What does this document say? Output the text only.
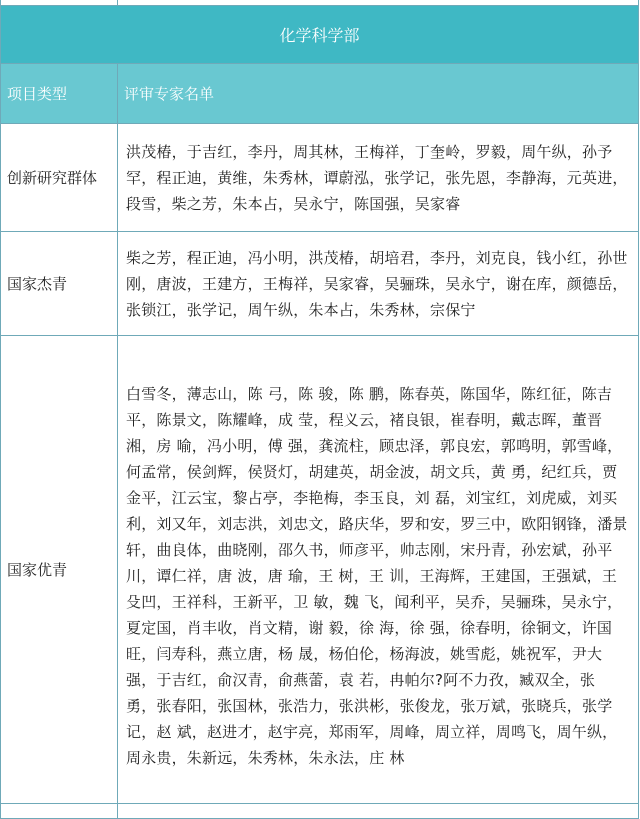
化学科学部	
项目类型	评审专家名单
创新研究群体	洪茂椿，于吉红，李丹，周其林，王梅祥，丁奎岭，罗毅，周午纵，孙予罕，程正迪，黄维，朱秀林，谭蔚泓，张学记，张先恩，李静海，元英进，段雪，柴之芳，朱本占，吴永宁，陈国强，吴家睿
国家杰青	柴之芳，程正迪，冯小明，洪茂椿，胡培君，李丹，刘克良，钱小红，孙世刚，唐波，王建方，王梅祥，吴家睿，吴骊珠，吴永宁，谢在库，颜德岳，张锁江，张学记，周午纵，朱本占，朱秀林，宗保宁
国家优青	白雪冬，薄志山，陈 弓，陈 骏，陈 鹏，陈春英，陈国华，陈红征，陈吉平，陈景文，陈耀峰，成 莹，程义云，褚良银，崔春明，戴志晖，董晋湘，房 喻，冯小明，傅 强，龚流柱，顾忠泽，郭良宏，郭鸣明，郭雪峰，何孟常，侯剑辉，侯贤灯，胡建英，胡金波，胡文兵，黄 勇，纪红兵，贾金平，江云宝，黎占亭，李艳梅，李玉良，刘 磊，刘宝红，刘虎威，刘买利，刘又年，刘志洪，刘忠文，路庆华，罗和安，罗三中，欧阳钢锋，潘景轩，曲良体，曲晓刚，邵久书，师彦平，帅志刚，宋丹青，孙宏斌，孙平川，谭仁祥，唐 波，唐 瑜，王 树，王 训，王海辉，王建国，王强斌，王殳凹，王祥科，王新平，卫 敏，魏 飞，闻利平，吴乔，吴骊珠，吴永宁，夏定国，肖丰收，肖文精，谢 毅，徐 海，徐 强，徐春明，徐铜文，许国旺，闫寿科，燕立唐，杨 晟，杨伯伦，杨海波，姚雪彪，姚祝军，尹大强，于吉红，俞汉青，俞燕蕾，袁 若，冉帕尔?阿不力孜，臧双全，张 勇，张春阳，张国林，张浩力，张洪彬，张俊龙，张万斌，张晓兵，张学记，赵 斌，赵进才，赵宇亮，郑雨军，周峰，周立祥，周鸣飞，周午纵，周永贵，朱新远，朱秀林，朱永法，庄 林
